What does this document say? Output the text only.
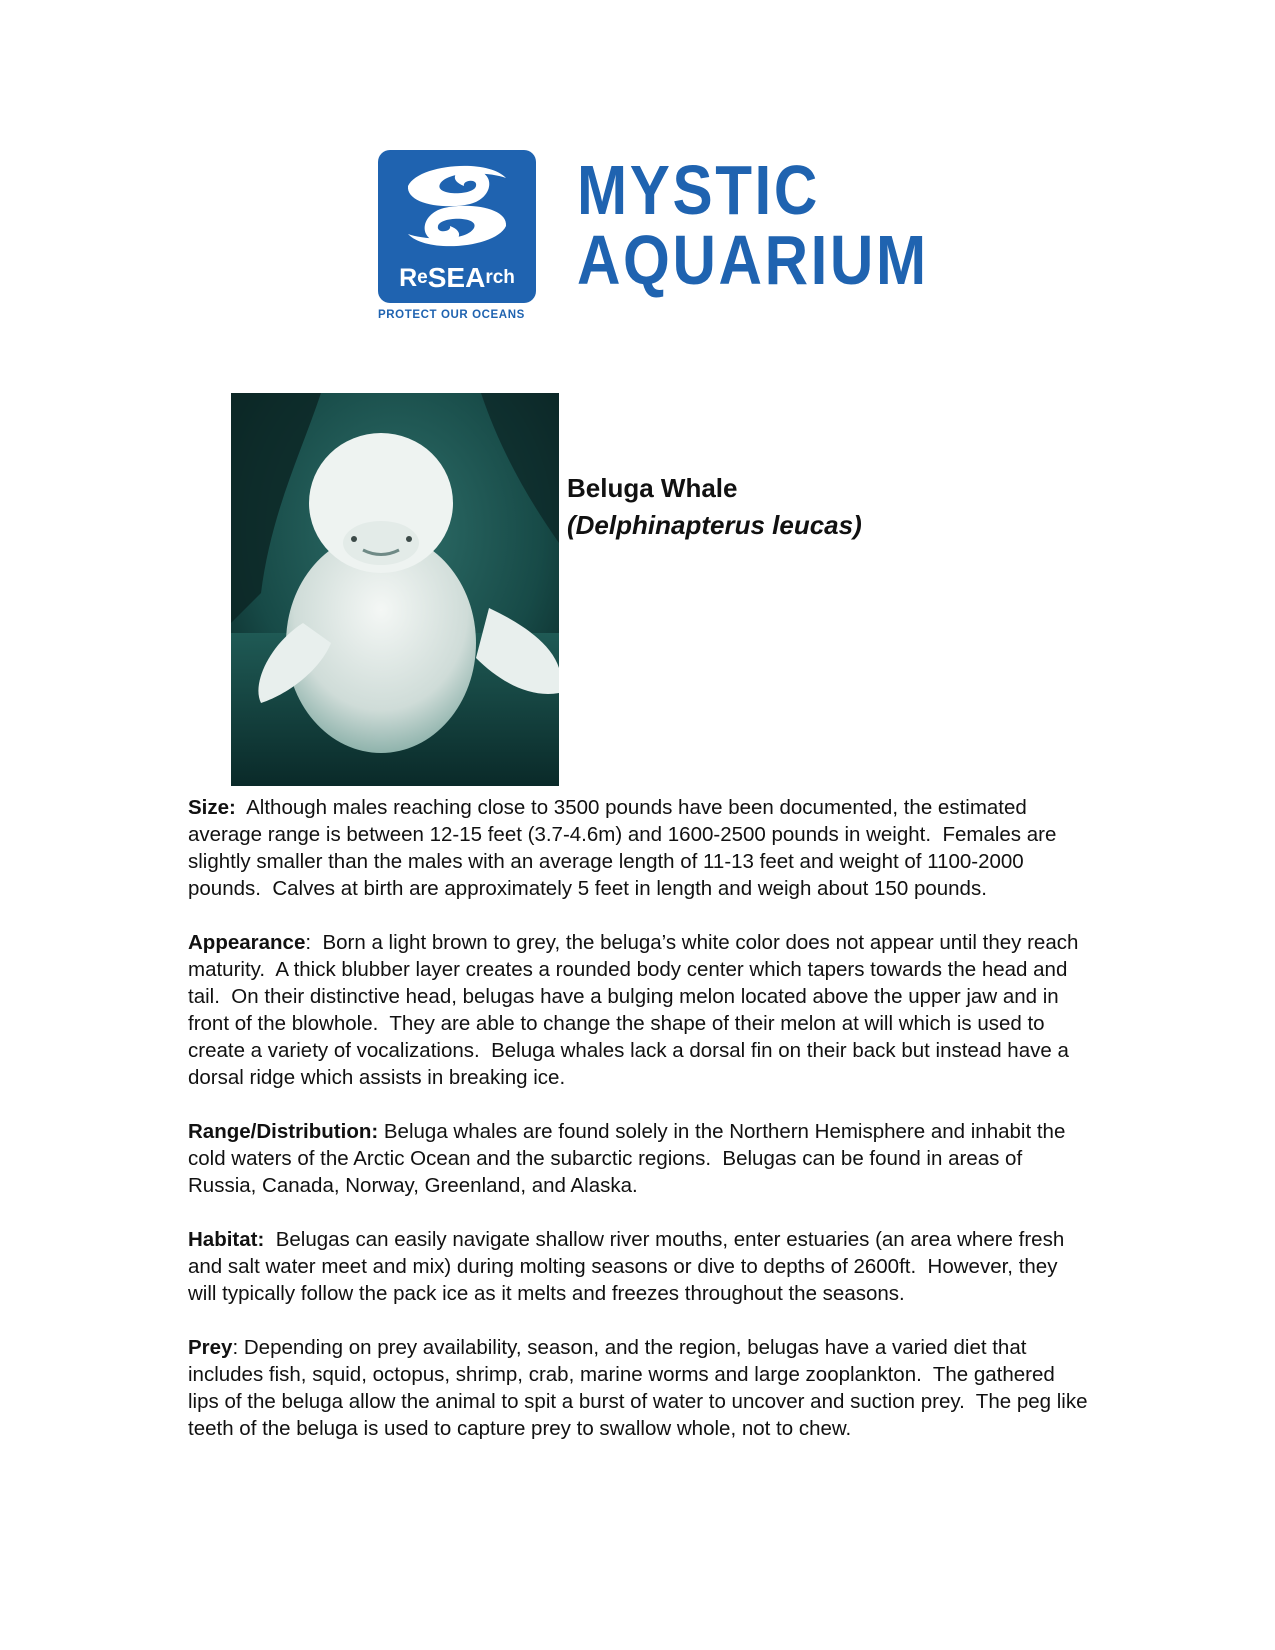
R e SEA rch
PROTECT OUR OCEANS
MYSTIC
AQUARIUM
Beluga Whale
(Delphinapterus leucas)

Size:  Although males reaching close to 3500 pounds have been documented, the estimated average range is between 12-15 feet (3.7-4.6m) and 1600-2500 pounds in weight.  Females are slightly smaller than the males with an average length of 11-13 feet and weight of 1100-2000 pounds.  Calves at birth are approximately 5 feet in length and weigh about 150 pounds.

Appearance:  Born a light brown to grey, the beluga’s white color does not appear until they reach maturity.  A thick blubber layer creates a rounded body center which tapers towards the head and tail.  On their distinctive head, belugas have a bulging melon located above the upper jaw and in front of the blowhole.  They are able to change the shape of their melon at will which is used to create a variety of vocalizations.  Beluga whales lack a dorsal fin on their back but instead have a dorsal ridge which assists in breaking ice.

Range/Distribution: Beluga whales are found solely in the Northern Hemisphere and inhabit the cold waters of the Arctic Ocean and the subarctic regions.  Belugas can be found in areas of Russia, Canada, Norway, Greenland, and Alaska.

Habitat:  Belugas can easily navigate shallow river mouths, enter estuaries (an area where fresh and salt water meet and mix) during molting seasons or dive to depths of 2600ft.  However, they will typically follow the pack ice as it melts and freezes throughout the seasons.

Prey: Depending on prey availability, season, and the region, belugas have a varied diet that includes fish, squid, octopus, shrimp, crab, marine worms and large zooplankton.  The gathered lips of the beluga allow the animal to spit a burst of water to uncover and suction prey.  The peg like teeth of the beluga is used to capture prey to swallow whole, not to chew.
